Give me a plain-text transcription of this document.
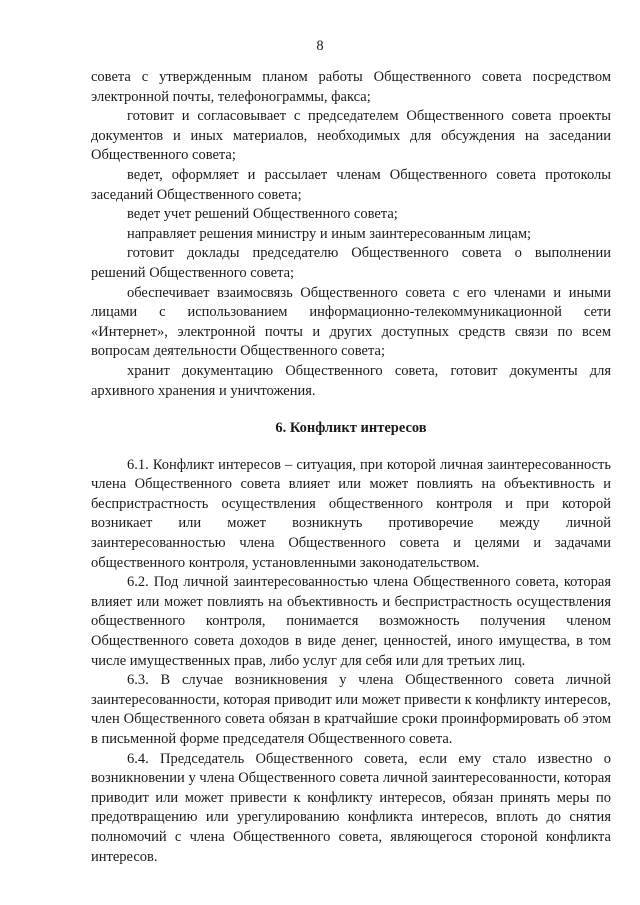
8

совета с утвержденным планом работы Общественного совета посредством электронной почты, телефонограммы, факса;

готовит и согласовывает с председателем Общественного совета проекты документов и иных материалов, необходимых для обсуждения на заседании Общественного совета;

ведет, оформляет и рассылает членам Общественного совета протоколы заседаний Общественного совета;

ведет учет решений Общественного совета;

направляет решения министру и иным заинтересованным лицам;

готовит доклады председателю Общественного совета о выполнении решений Общественного совета;

обеспечивает взаимосвязь Общественного совета с его членами и иными лицами с использованием информационно-телекоммуникационной сети «Интернет», электронной почты и других доступных средств связи по всем вопросам деятельности Общественного совета;

хранит документацию Общественного совета, готовит документы для архивного хранения и уничтожения.

6. Конфликт интересов

6.1. Конфликт интересов – ситуация, при которой личная заинтересованность члена Общественного совета влияет или может повлиять на объективность и беспристрастность осуществления общественного контроля и при которой возникает или может возникнуть противоречие между личной заинтересованностью члена Общественного совета и целями и задачами общественного контроля, установленными законодательством.

6.2. Под личной заинтересованностью члена Общественного совета, которая влияет или может повлиять на объективность и беспристрастность осуществления общественного контроля, понимается возможность получения членом Общественного совета доходов в виде денег, ценностей, иного имущества, в том числе имущественных прав, либо услуг для себя или для третьих лиц.

6.3. В случае возникновения у члена Общественного совета личной заинтересованности, которая приводит или может привести к конфликту интересов, член Общественного совета обязан в кратчайшие сроки проинформировать об этом в письменной форме председателя Общественного совета.

6.4. Председатель Общественного совета, если ему стало известно о возникновении у члена Общественного совета личной заинтересованности, которая приводит или может привести к конфликту интересов, обязан принять меры по предотвращению или урегулированию конфликта интересов, вплоть до снятия полномочий с члена Общественного совета, являющегося стороной конфликта интересов.
